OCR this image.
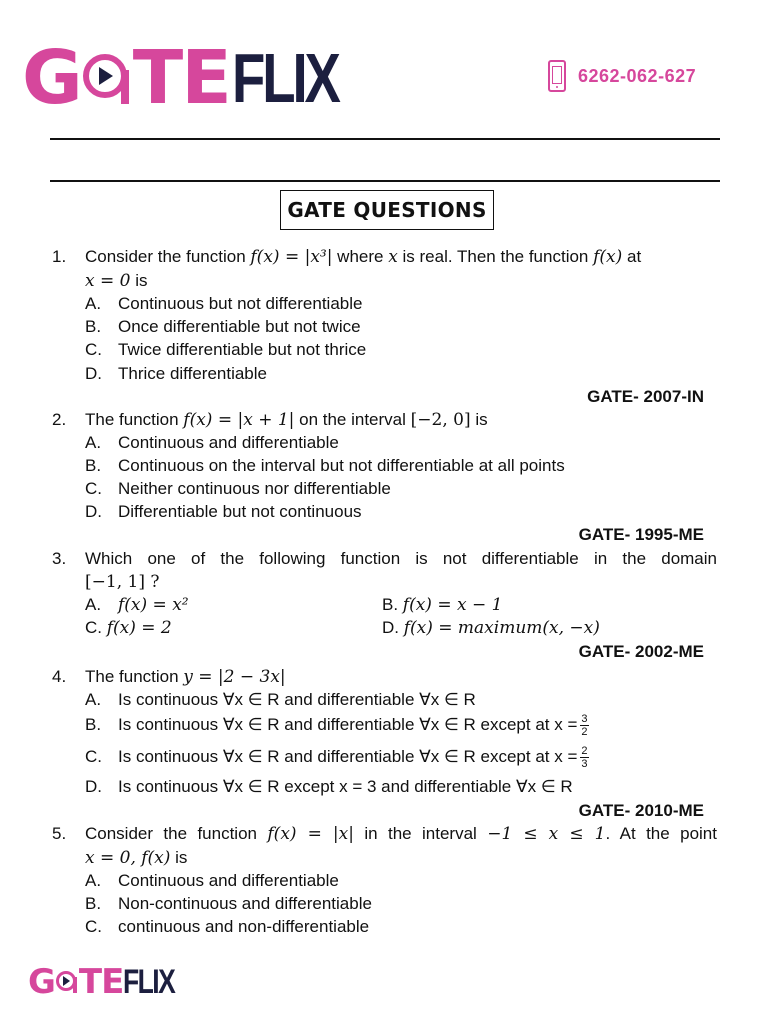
G TE FLIX	6262-062-627
GATE QUESTIONS
1. Consider the function f(x) = |x³| where x is real. Then the function f(x) at
x = 0 is
A. Continuous but not differentiable
B. Once differentiable but not twice
C. Twice differentiable but not thrice
D. Thrice differentiable
GATE- 2007-IN
2. The function f(x) = |x + 1| on the interval [−2, 0] is
A. Continuous and differentiable
B. Continuous on the interval but not differentiable at all points
C. Neither continuous nor differentiable
D. Differentiable but not continuous
GATE- 1995-ME
3. Which one of the following function is not differentiable in the domain
[−1, 1] ?
A. f(x) = x²	B. f(x) = x − 1
C. f(x) = 2	D. f(x) = maximum(x, −x)
GATE- 2002-ME
4. The function y = |2 − 3x|
A. Is continuous ∀x ∈ R and differentiable ∀x ∈ R
B. Is continuous ∀x ∈ R and differentiable ∀x ∈ R except at $x = \frac{3}{2}$
C. Is continuous ∀x ∈ R and differentiable ∀x ∈ R except at $x = \frac{2}{3}$
D. Is continuous ∀x ∈ R except x = 3 and differentiable ∀x ∈ R
GATE- 2010-ME
5. Consider the function f(x) = |x| in the interval −1 ≤ x ≤ 1. At the point
x = 0, f(x) is
A. Continuous and differentiable
B. Non-continuous and differentiable
C. continuous and non-differentiable
G TE FLIX
